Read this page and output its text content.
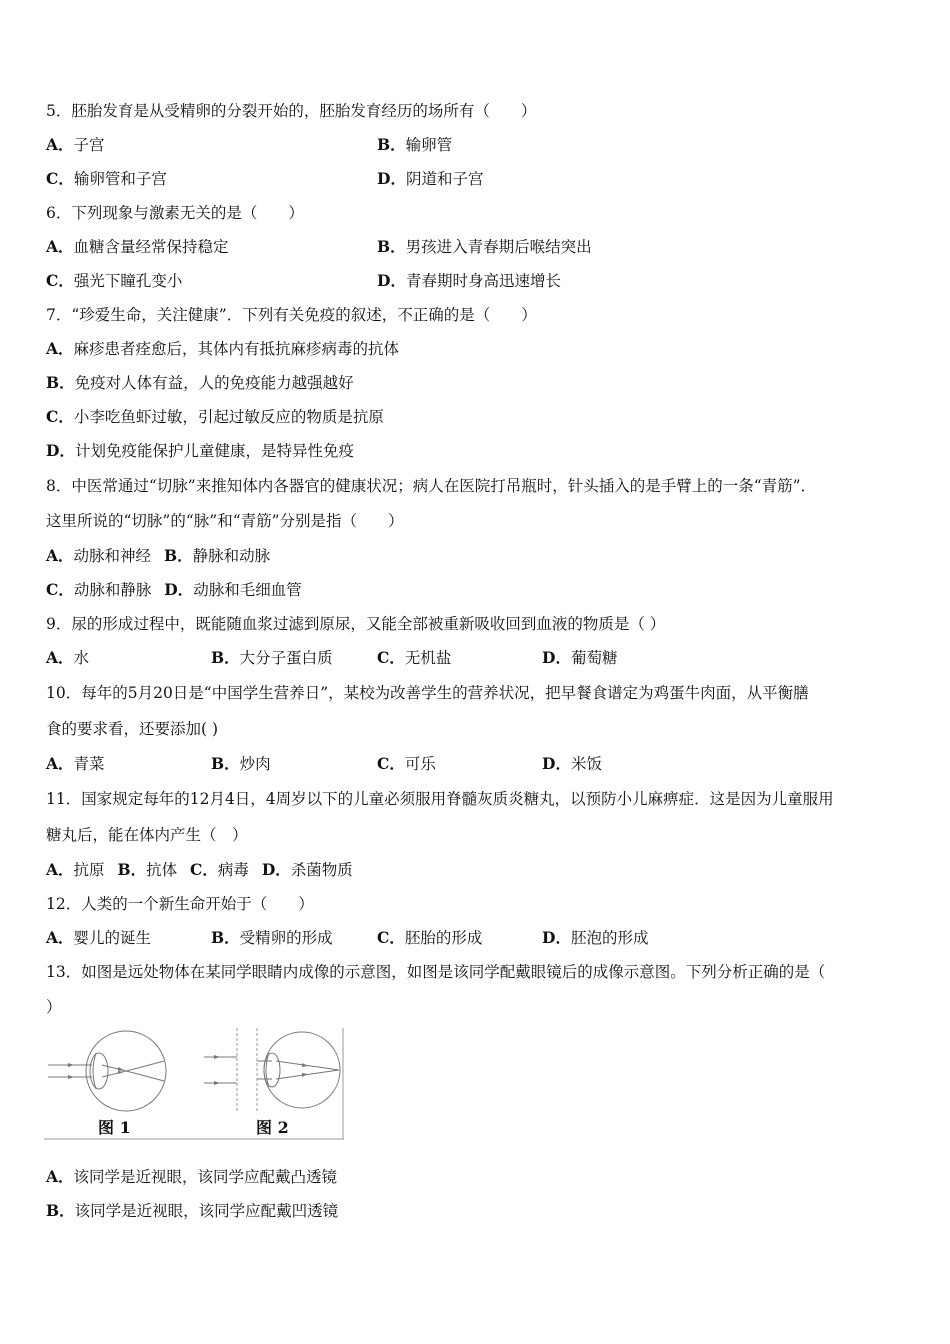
5．胚胎发育是从受精卵的分裂开始的，胚胎发育经历的场所有（　　）
A．子宫	B．输卵管
C．输卵管和子宫	D．阴道和子宫
6．下列现象与激素无关的是（　　）
A．血糖含量经常保持稳定	B．男孩进入青春期后喉结突出
C．强光下瞳孔变小	D．青春期时身高迅速增长
7．“珍爱生命，关注健康”．下列有关免疫的叙述，不正确的是（　　）
A．麻疹患者痊愈后，其体内有抵抗麻疹病毒的抗体
B．免疫对人体有益，人的免疫能力越强越好
C．小李吃鱼虾过敏，引起过敏反应的物质是抗原
D．计划免疫能保护儿童健康，是特异性免疫
8．中医常通过“切脉”来推知体内各器官的健康状况；病人在医院打吊瓶时，针头插入的是手臂上的一条“青筋”．
这里所说的“切脉”的“脉”和“青筋”分别是指（　　）
A．动脉和神经 B．静脉和动脉
C．动脉和静脉 D．动脉和毛细血管
9．尿的形成过程中，既能随血浆过滤到原尿，又能全部被重新吸收回到血液的物质是（ ）
A．水	B．大分子蛋白质	C．无机盐	D．葡萄糖
10．每年的5月20日是“中国学生营养日”，某校为改善学生的营养状况，把早餐食谱定为鸡蛋牛肉面，从平衡膳
食的要求看，还要添加( )
A．青菜	B．炒肉	C．可乐	D．米饭
11．国家规定每年的12月4日，4周岁以下的儿童必须服用脊髓灰质炎糖丸，以预防小儿麻痹症．这是因为儿童服用
糖丸后，能在体内产生（　）
A．抗原 B．抗体 C．病毒 D．杀菌物质
12．人类的一个新生命开始于（　　）
A．婴儿的诞生	B．受精卵的形成	C．胚胎的形成	D．胚泡的形成
13．如图是远处物体在某同学眼睛内成像的示意图，如图是该同学配戴眼镜后的成像示意图。下列分析正确的是（
）
图 1	图 2
A．该同学是近视眼，该同学应配戴凸透镜
B．该同学是近视眼，该同学应配戴凹透镜
